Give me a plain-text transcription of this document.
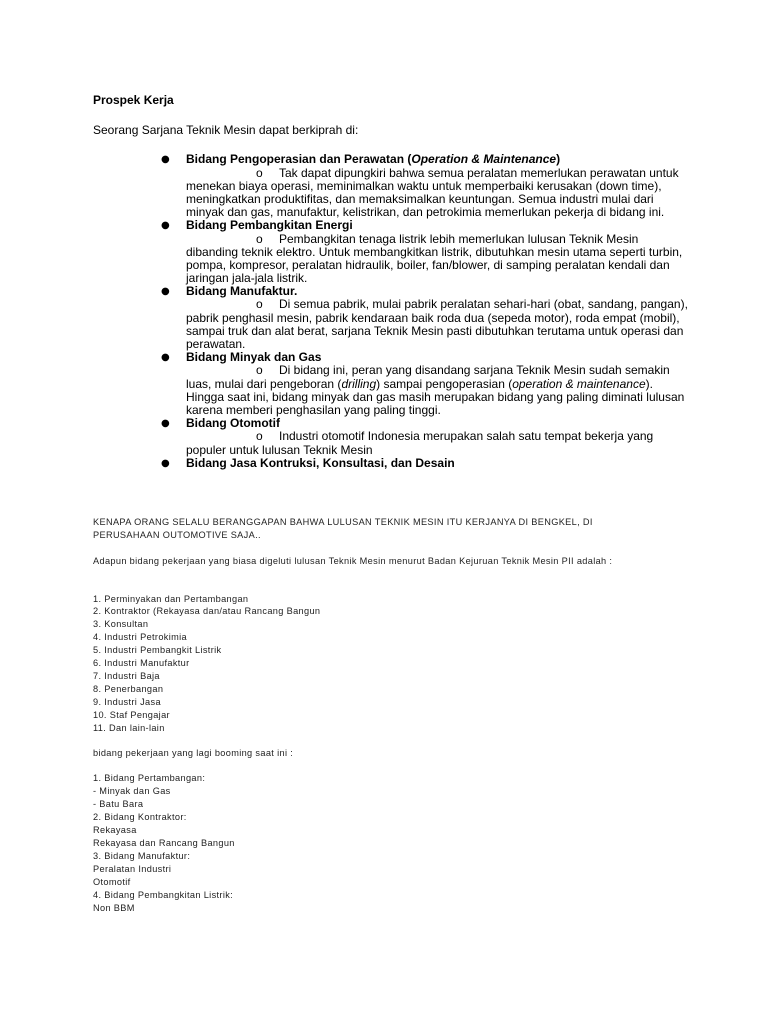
Prospek Kerja
Seorang Sarjana Teknik Mesin dapat berkiprah di:
● Bidang Pengoperasian dan Perawatan (Operation & Maintenance)
o Tak dapat dipungkiri bahwa semua peralatan memerlukan perawatan untuk
menekan biaya operasi, meminimalkan waktu untuk memperbaiki kerusakan (down time),
meningkatkan produktifitas, dan memaksimalkan keuntungan. Semua industri mulai dari
minyak dan gas, manufaktur, kelistrikan, dan petrokimia memerlukan pekerja di bidang ini.
● Bidang Pembangkitan Energi
o Pembangkitan tenaga listrik lebih memerlukan lulusan Teknik Mesin
dibanding teknik elektro. Untuk membangkitkan listrik, dibutuhkan mesin utama seperti turbin,
pompa, kompresor, peralatan hidraulik, boiler, fan/blower, di samping peralatan kendali dan
jaringan jala-jala listrik.
● Bidang Manufaktur.
o Di semua pabrik, mulai pabrik peralatan sehari-hari (obat, sandang, pangan),
pabrik penghasil mesin, pabrik kendaraan baik roda dua (sepeda motor), roda empat (mobil),
sampai truk dan alat berat, sarjana Teknik Mesin pasti dibutuhkan terutama untuk operasi dan
perawatan.
● Bidang Minyak dan Gas
o Di bidang ini, peran yang disandang sarjana Teknik Mesin sudah semakin
luas, mulai dari pengeboran (drilling) sampai pengoperasian (operation & maintenance).
Hingga saat ini, bidang minyak dan gas masih merupakan bidang yang paling diminati lulusan
karena memberi penghasilan yang paling tinggi.
● Bidang Otomotif
o Industri otomotif Indonesia merupakan salah satu tempat bekerja yang
populer untuk lulusan Teknik Mesin
● Bidang Jasa Kontruksi, Konsultasi, dan Desain
KENAPA ORANG SELALU BERANGGAPAN BAHWA LULUSAN TEKNIK MESIN ITU KERJANYA DI BENGKEL, DI
PERUSAHAAN OUTOMOTIVE SAJA..
Adapun bidang pekerjaan yang biasa digeluti lulusan Teknik Mesin menurut Badan Kejuruan Teknik Mesin PII adalah :
1. Perminyakan dan Pertambangan
2. Kontraktor (Rekayasa dan/atau Rancang Bangun
3. Konsultan
4. Industri Petrokimia
5. Industri Pembangkit Listrik
6. Industri Manufaktur
7. Industri Baja
8. Penerbangan
9. Industri Jasa
10. Staf Pengajar
11. Dan lain-lain
bidang pekerjaan yang lagi booming saat ini :
1. Bidang Pertambangan:
- Minyak dan Gas
- Batu Bara
2. Bidang Kontraktor:
Rekayasa
Rekayasa dan Rancang Bangun
3. Bidang Manufaktur:
Peralatan Industri
Otomotif
4. Bidang Pembangkitan Listrik:
Non BBM
